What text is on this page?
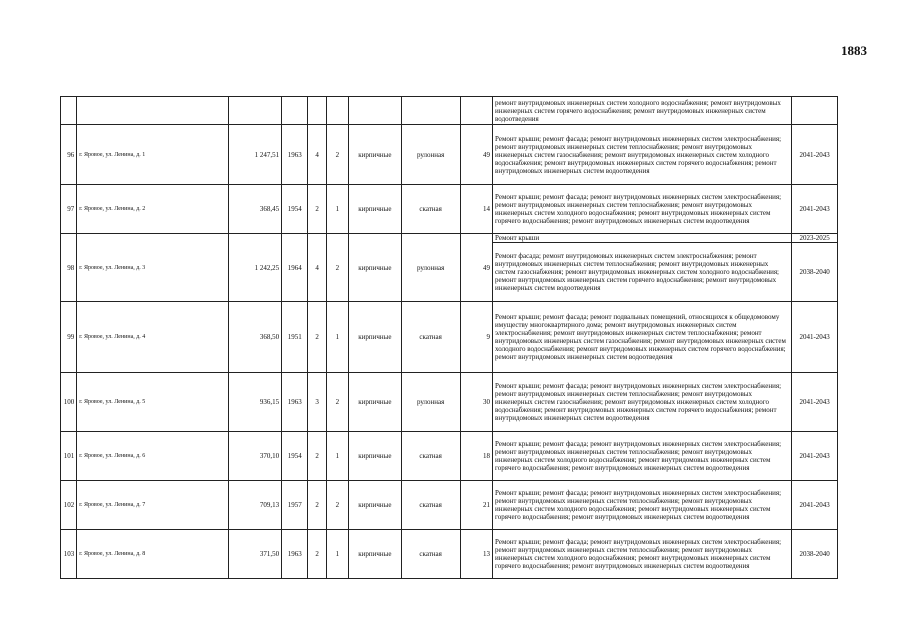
1883
									ремонт внутридомовых инженерных систем холодного водоснабжения; ремонт внутридомовых инженерных систем горячего водоснабжения; ремонт внутридомовых инженерных систем водоотведения	
96	г. Яровое, ул. Ленина, д. 1	1 247,51	1963	4	2	кирпичные	рулонная	49	Ремонт крыши; ремонт фасада; ремонт внутридомовых инженерных систем электроснабжения; ремонт внутридомовых инженерных систем теплоснабжения; ремонт внутридомовых инженерных систем газоснабжения; ремонт внутридомовых инженерных систем холодного водоснабжения; ремонт внутридомовых инженерных систем горячего водоснабжения; ремонт внутридомовых инженерных систем водоотведения	2041-2043
97	г. Яровое, ул. Ленина, д. 2	368,45	1954	2	1	кирпичные	скатная	14	Ремонт крыши; ремонт фасада; ремонт внутридомовых инженерных систем электроснабжения; ремонт внутридомовых инженерных систем теплоснабжения; ремонт внутридомовых инженерных систем холодного водоснабжения; ремонт внутридомовых инженерных систем горячего водоснабжения; ремонт внутридомовых инженерных систем водоотведения	2041-2043
98	г. Яровое, ул. Ленина, д. 3	1 242,25	1964	4	2	кирпичные	рулонная	49	Ремонт крыши	2023-2025
									Ремонт фасада; ремонт внутридомовых инженерных систем электроснабжения; ремонт внутридомовых инженерных систем теплоснабжения; ремонт внутридомовых инженерных систем газоснабжения; ремонт внутридомовых инженерных систем холодного водоснабжения; ремонт внутридомовых инженерных систем горячего водоснабжения; ремонт внутридомовых инженерных систем водоотведения	2038-2040
99	г. Яровое, ул. Ленина, д. 4	368,50	1951	2	1	кирпичные	скатная	9	Ремонт крыши; ремонт фасада; ремонт подвальных помещений, относящихся к общедомовому имуществу многоквартирного дома; ремонт внутридомовых инженерных систем электроснабжения; ремонт внутридомовых инженерных систем теплоснабжения; ремонт внутридомовых инженерных систем газоснабжения; ремонт внутридомовых инженерных систем холодного водоснабжения; ремонт внутридомовых инженерных систем горячего водоснабжения; ремонт внутридомовых инженерных систем водоотведения	2041-2043
100	г. Яровое, ул. Ленина, д. 5	936,15	1963	3	2	кирпичные	рулонная	30	Ремонт крыши; ремонт фасада; ремонт внутридомовых инженерных систем электроснабжения; ремонт внутридомовых инженерных систем теплоснабжения; ремонт внутридомовых инженерных систем газоснабжения; ремонт внутридомовых инженерных систем холодного водоснабжения; ремонт внутридомовых инженерных систем горячего водоснабжения; ремонт внутридомовых инженерных систем водоотведения	2041-2043
101	г. Яровое, ул. Ленина, д. 6	370,10	1954	2	1	кирпичные	скатная	18	Ремонт крыши; ремонт фасада; ремонт внутридомовых инженерных систем электроснабжения; ремонт внутридомовых инженерных систем теплоснабжения; ремонт внутридомовых инженерных систем холодного водоснабжения; ремонт внутридомовых инженерных систем горячего водоснабжения; ремонт внутридомовых инженерных систем водоотведения	2041-2043
102	г. Яровое, ул. Ленина, д. 7	709,13	1957	2	2	кирпичные	скатная	21	Ремонт крыши; ремонт фасада; ремонт внутридомовых инженерных систем электроснабжения; ремонт внутридомовых инженерных систем теплоснабжения; ремонт внутридомовых инженерных систем холодного водоснабжения; ремонт внутридомовых инженерных систем горячего водоснабжения; ремонт внутридомовых инженерных систем водоотведения	2041-2043
103	г. Яровое, ул. Ленина, д. 8	371,50	1963	2	1	кирпичные	скатная	13	Ремонт крыши; ремонт фасада; ремонт внутридомовых инженерных систем электроснабжения; ремонт внутридомовых инженерных систем теплоснабжения; ремонт внутридомовых инженерных систем холодного водоснабжения; ремонт внутридомовых инженерных систем горячего водоснабжения; ремонт внутридомовых инженерных систем водоотведения	2038-2040
